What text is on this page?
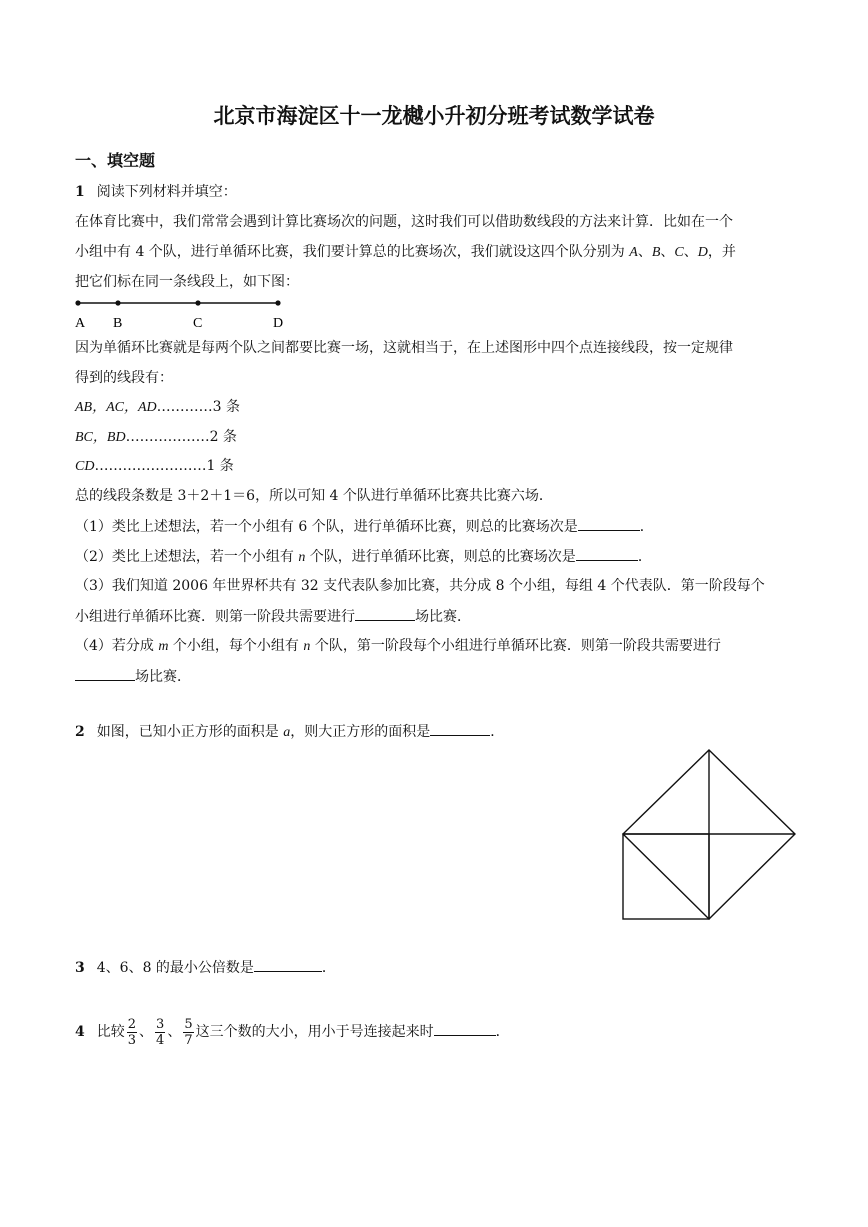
北京市海淀区十一龙樾小升初分班考试数学试卷
一、填空题
1 阅读下列材料并填空：
在体育比赛中，我们常常会遇到计算比赛场次的问题，这时我们可以借助数线段的方法来计算．比如在一个
小组中有 4 个队，进行单循环比赛，我们要计算总的比赛场次，我们就设这四个队分别为 A、B、C、D，并
把它们标在同一条线段上，如下图：
A B	C	D
因为单循环比赛就是每两个队之间都要比赛一场，这就相当于，在上述图形中四个点连接线段，按一定规律
得到的线段有：
AB，AC，AD…………3 条
BC，BD………………2 条
CD……………………1 条
总的线段条数是 3＋2＋1＝6，所以可知 4 个队进行单循环比赛共比赛六场．
（1）类比上述想法，若一个小组有 6 个队，进行单循环比赛，则总的比赛场次是	．
（2）类比上述想法，若一个小组有 n 个队，进行单循环比赛，则总的比赛场次是	．
（3）我们知道 2006 年世界杯共有 32 支代表队参加比赛，共分成 8 个小组，每组 4 个代表队．第一阶段每个
小组进行单循环比赛．则第一阶段共需要进行	场比赛．
（4）若分成 m 个小组，每个小组有 n 个队，第一阶段每个小组进行单循环比赛．则第一阶段共需要进行
场比赛．
2 如图，已知小正方形的面积是 a，则大正方形的面积是	．
3 4、6、8 的最小公倍数是	．
4 比较 $\frac{2}{3}$ 、 $\frac{3}{4}$ 、 $\frac{5}{7}$ 这三个数的大小，用小于号连接起来时	．
